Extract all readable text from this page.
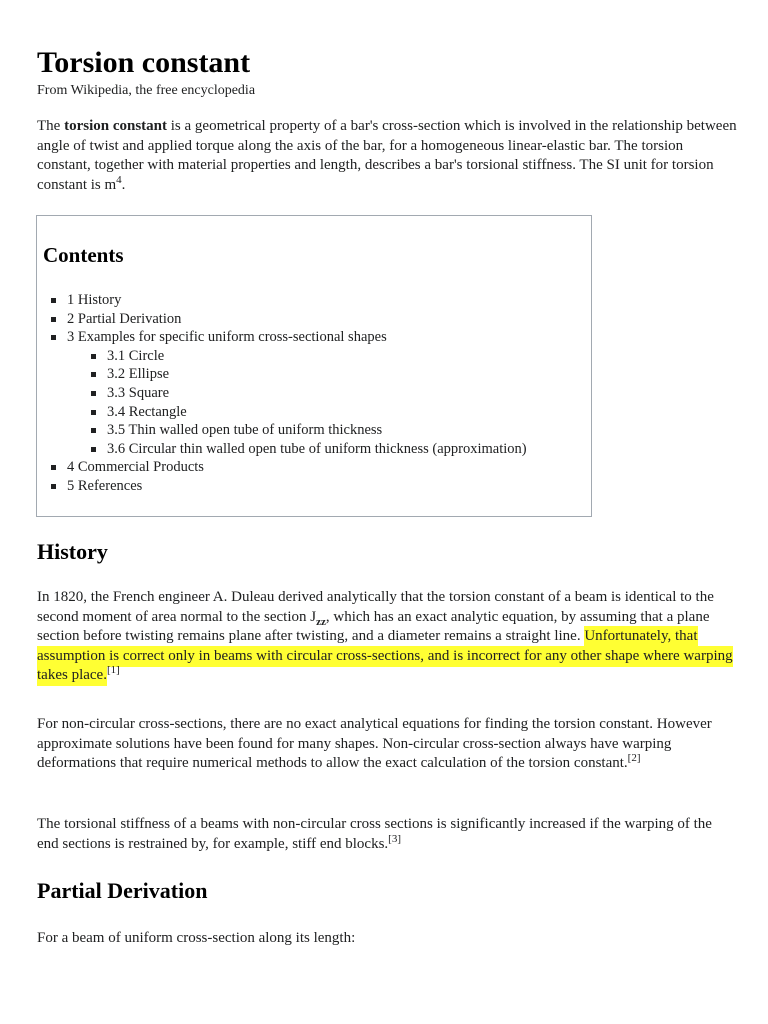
Torsion constant
From Wikipedia, the free encyclopedia

The torsion constant is a geometrical property of a bar's cross-section which is involved in the relationship between angle of twist and applied torque along the axis of the bar, for a homogeneous linear-elastic bar. The torsion constant, together with material properties and length, describes a bar's torsional stiffness. The SI unit for torsion constant is $m^4$.

Contents
1 History
2 Partial Derivation
3 Examples for specific uniform cross-sectional shapes
3.1 Circle
3.2 Ellipse
3.3 Square
3.4 Rectangle
3.5 Thin walled open tube of uniform thickness
3.6 Circular thin walled open tube of uniform thickness (approximation)
4 Commercial Products
5 References
History

In 1820, the French engineer A. Duleau derived analytically that the torsion constant of a beam is identical to the second moment of area normal to the section $J_{zz}$, which has an exact analytic equation, by assuming that a plane section before twisting remains plane after twisting, and a diameter remains a straight line. Unfortunately, that assumption is correct only in beams with circular cross-sections, and is incorrect for any other shape where warping takes place.[1]

For non-circular cross-sections, there are no exact analytical equations for finding the torsion constant. However approximate solutions have been found for many shapes. Non-circular cross-section always have warping deformations that require numerical methods to allow the exact calculation of the torsion constant.[2]

The torsional stiffness of a beams with non-circular cross sections is significantly increased if the warping of the end sections is restrained by, for example, stiff end blocks.[3]

Partial Derivation

For a beam of uniform cross-section along its length:
